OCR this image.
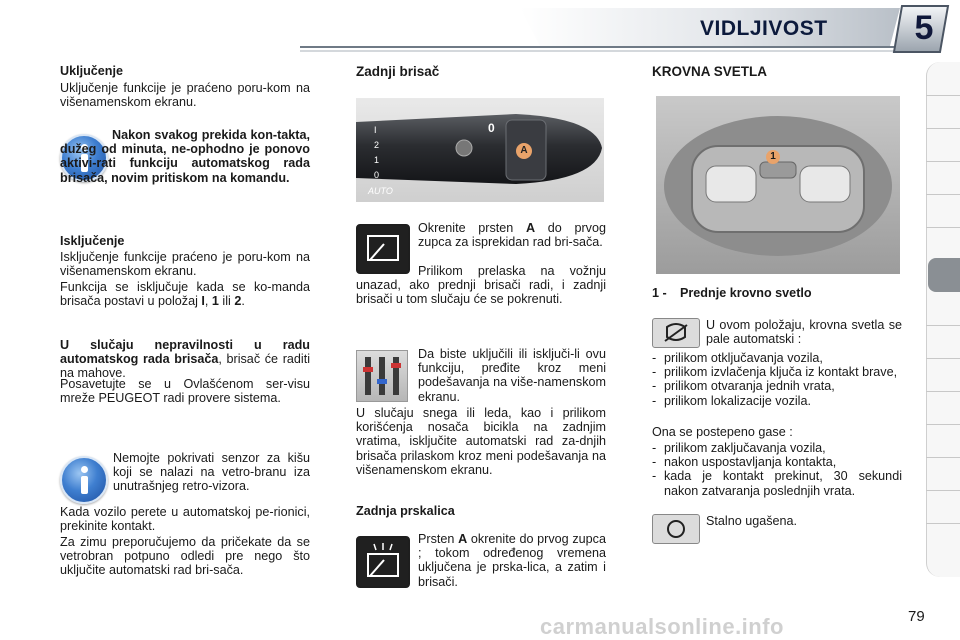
VIDLJIVOST	5
Uključenje

Uključenje funkcije je praćeno poru-kom na višenamenskom ekranu.

Nakon svakog prekida kon-takta, dužeg od minuta, ne-ophodno je ponovo aktivi-rati funkciju automatskog rada brisača, novim pritiskom na komandu.
Isključenje

Isključenje funkcije praćeno je poru-kom na višenamenskom ekranu.

Funkcija se isključuje kada se ko-manda brisača postavi u položaj I, 1 ili 2.

U slučaju nepravilnosti u radu automatskog rada brisača, brisač će raditi na mahove.

Posavetujte se u Ovlašćenom ser-visu mreže PEUGEOT radi provere sistema.

Nemojte pokrivati senzor za kišu koji se nalazi na vetro-branu iza unutrašnjeg retro-vizora.

Kada vozilo perete u automatskoj pe-rionici, prekinite kontakt.

Za zimu preporučujemo da pričekate da se vetrobran potpuno odledi pre nego što uključite automatski rad bri-sača.

Zadnji brisač
AUTO
0
1
2
I
A
0

Okrenite prsten A do prvog zupca za isprekidan rad bri-sača.

Prilikom prelaska na vožnju unazad, ako prednji brisači radi, i zadnji brisači u tom slučaju će se pokrenuti.

Da biste uključili ili isključi-li ovu funkciju, pređite kroz meni podešavanja na više-namenskom ekranu.

U slučaju snega ili leda, kao i prilikom korišćenja nosača bicikla na zadnjim vratima, isključite automatski rad za-dnjih brisača prilaskom kroz meni podešavanja na višenamenskom ekranu.

Zadnja prskalica

Prsten A okrenite do prvog zupca ; tokom određenog vremena uključena je prska-lica, a zatim i brisači.

KROVNA SVETLA
1
1 - Prednje krovno svetlo

U ovom položaju, krovna svetla se pale automatski :

- prilikom otključavanja vozila,
- prilikom izvlačenja ključa iz kontakt brave,
- prilikom otvaranja jednih vrata,
- prilikom lokalizacije vozila.

Ona se postepeno gase :

- prilikom zaključavanja vozila,
- nakon uspostavljanja kontakta,
- kada je kontakt prekinut, 30 sekundi nakon zatvaranja poslednjih vrata.

Stalno ugašena.

79
carmanualsonline.info
